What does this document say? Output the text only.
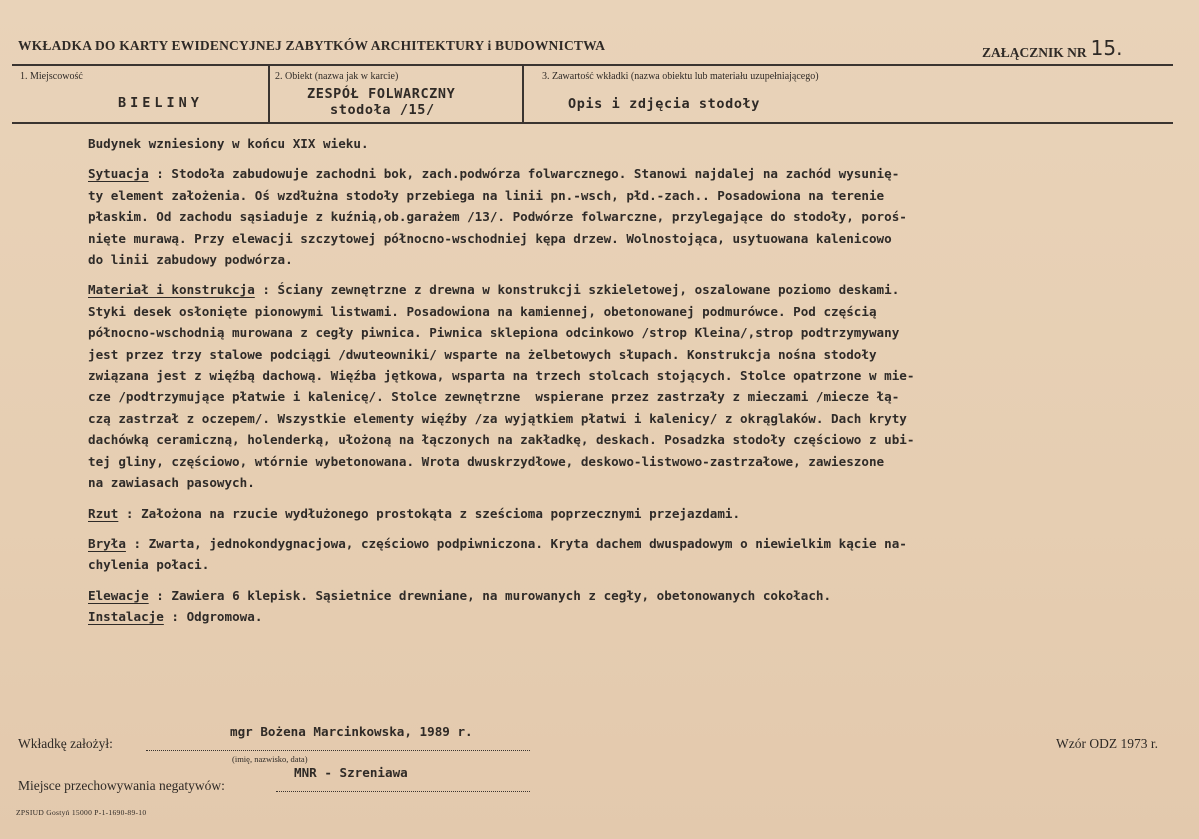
WKŁADKA DO KARTY EWIDENCYJNEJ ZABYTKÓW ARCHITEKTURY i BUDOWNICTWA	ZAŁĄCZNIK NR 15.
1. Miejscowość
BIELINY
2. Obiekt (nazwa jak w karcie)
ZESPÓŁ FOLWARCZNY
stodoła /15/
3. Zawartość wkładki (nazwa obiektu lub materiału uzupełniającego)
Opis i zdjęcia stodoły

Budynek wzniesiony w końcu XIX wieku.

Sytuacja : Stodoła zabudowuje zachodni bok, zach.podwórza folwarcznego. Stanowi najdalej na zachód wysunię-

ty element założenia. Oś wzdłużna stodoły przebiega na linii pn.-wsch, płd.-zach.. Posadowiona na terenie

płaskim. Od zachodu sąsiaduje z kuźnią,ob.garażem /13/. Podwórze folwarczne, przylegające do stodoły, poroś-

nięte murawą. Przy elewacji szczytowej północno-wschodniej kępa drzew. Wolnostojąca, usytuowana kalenicowo

do linii zabudowy podwórza.

Materiał i konstrukcja : Ściany zewnętrzne z drewna w konstrukcji szkieletowej, oszalowane poziomo deskami.

Styki desek osłonięte pionowymi listwami. Posadowiona na kamiennej, obetonowanej podmurówce. Pod częścią

północno-wschodnią murowana z cegły piwnica. Piwnica sklepiona odcinkowo /strop Kleina/,strop podtrzymywany

jest przez trzy stalowe podciągi /dwuteowniki/ wsparte na żelbetowych słupach. Konstrukcja nośna stodoły

związana jest z więźbą dachową. Więźba jętkowa, wsparta na trzech stolcach stojących. Stolce opatrzone w mie-

cze /podtrzymujące płatwie i kalenicę/. Stolce zewnętrzne  wspierane przez zastrzały z mieczami /miecze łą-

czą zastrzał z oczepem/. Wszystkie elementy więźby /za wyjątkiem płatwi i kalenicy/ z okrąglaków. Dach kryty

dachówką ceramiczną, holenderką, ułożoną na łączonych na zakładkę, deskach. Posadzka stodoły częściowo z ubi-

tej gliny, częściowo, wtórnie wybetonowana. Wrota dwuskrzydłowe, deskowo-listwowo-zastrzałowe, zawieszone

na zawiasach pasowych.

Rzut : Założona na rzucie wydłużonego prostokąta z sześcioma poprzecznymi przejazdami.

Bryła : Zwarta, jednokondygnacjowa, częściowo podpiwniczona. Kryta dachem dwuspadowym o niewielkim kącie na-

chylenia połaci.

Elewacje : Zawiera 6 klepisk. Sąsietnice drewniane, na murowanych z cegły, obetonowanych cokołach.

Instalacje : Odgromowa.

Wkładkę założył:
mgr Bożena Marcinkowska, 1989 r.
(imię, nazwisko, data)
Wzór ODZ 1973 r.
Miejsce przechowywania negatywów:
MNR - Szreniawa
ZPSIUD Gostyń 15000 P-1-1690-89-10
